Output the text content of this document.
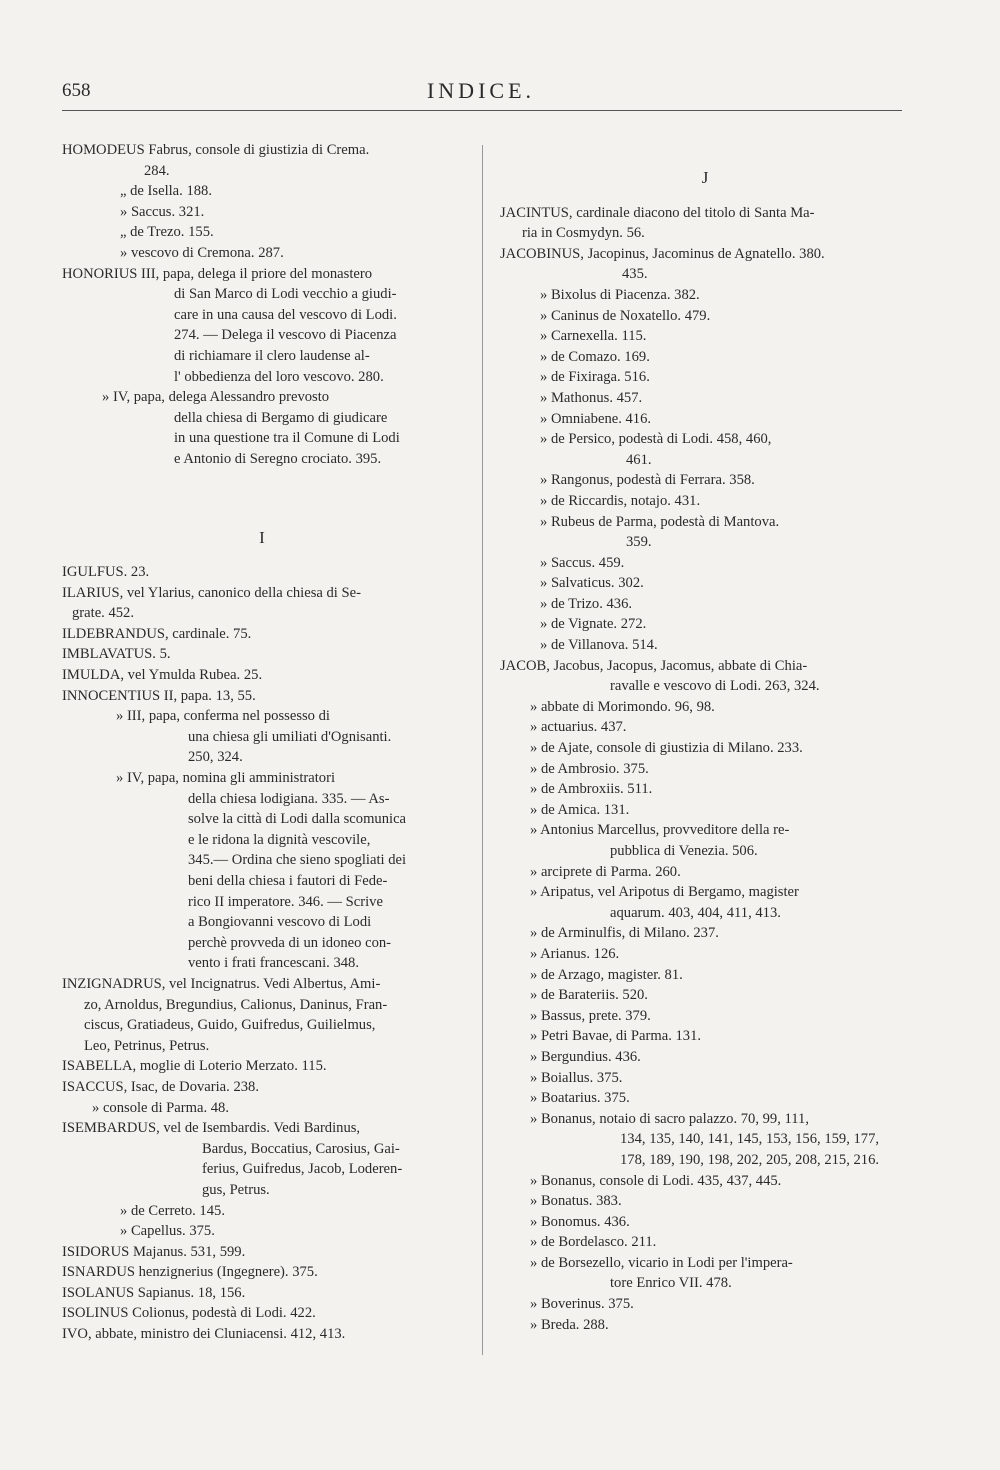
658	INDICE.
HOMODEUS Fabrus, console di giustizia di Crema.
284.
„ de Isella. 188.
» Saccus. 321.
„ de Trezo. 155.
» vescovo di Cremona. 287.
HONORIUS III, papa, delega il priore del monastero
di San Marco di Lodi vecchio a giudi-
care in una causa del vescovo di Lodi.
274. — Delega il vescovo di Piacenza
di richiamare il clero laudense al-
l' obbedienza del loro vescovo. 280.
» IV, papa, delega Alessandro prevosto
della chiesa di Bergamo di giudicare
in una questione tra il Comune di Lodi
e Antonio di Seregno crociato. 395.

I

IGULFUS. 23.
ILARIUS, vel Ylarius, canonico della chiesa di Se-
grate. 452.
ILDEBRANDUS, cardinale. 75.
IMBLAVATUS. 5.
IMULDA, vel Ymulda Rubea. 25.
INNOCENTIUS II, papa. 13, 55.
» III, papa, conferma nel possesso di
una chiesa gli umiliati d'Ognisanti.
250, 324.
» IV, papa, nomina gli amministratori
della chiesa lodigiana. 335. — As-
solve la città di Lodi dalla scomunica
e le ridona la dignità vescovile,
345.— Ordina che sieno spogliati dei
beni della chiesa i fautori di Fede-
rico II imperatore. 346. — Scrive
a Bongiovanni vescovo di Lodi
perchè provveda di un idoneo con-
vento i frati francescani. 348.
INZIGNADRUS, vel Incignatrus. Vedi Albertus, Ami-
zo, Arnoldus, Bregundius, Calionus, Daninus, Fran-
ciscus, Gratiadeus, Guido, Guifredus, Guilielmus,
Leo, Petrinus, Petrus.
ISABELLA, moglie di Loterio Merzato. 115.
ISACCUS, Isac, de Dovaria. 238.
» console di Parma. 48.
ISEMBARDUS, vel de Isembardis. Vedi Bardinus,
Bardus, Boccatius, Carosius, Gai-
ferius, Guifredus, Jacob, Loderen-
gus, Petrus.
» de Cerreto. 145.
» Capellus. 375.
ISIDORUS Majanus. 531, 599.
ISNARDUS henzignerius (Ingegnere). 375.
ISOLANUS Sapianus. 18, 156.
ISOLINUS Colionus, podestà di Lodi. 422.
IVO, abbate, ministro dei Cluniacensi. 412, 413.

J

JACINTUS, cardinale diacono del titolo di Santa Ma-
ria in Cosmydyn. 56.
JACOBINUS, Jacopinus, Jacominus de Agnatello. 380.
435.
» Bixolus di Piacenza. 382.
» Caninus de Noxatello. 479.
» Carnexella. 115.
» de Comazo. 169.
» de Fixiraga. 516.
» Mathonus. 457.
» Omniabene. 416.
» de Persico, podestà di Lodi. 458, 460,
461.
» Rangonus, podestà di Ferrara. 358.
» de Riccardis, notajo. 431.
» Rubeus de Parma, podestà di Mantova.
359.
» Saccus. 459.
» Salvaticus. 302.
» de Trizo. 436.
» de Vignate. 272.
» de Villanova. 514.
JACOB, Jacobus, Jacopus, Jacomus, abbate di Chia-
ravalle e vescovo di Lodi. 263, 324.
» abbate di Morimondo. 96, 98.
» actuarius. 437.
» de Ajate, console di giustizia di Milano. 233.
» de Ambrosio. 375.
» de Ambroxiis. 511.
» de Amica. 131.
» Antonius Marcellus, provveditore della re-
pubblica di Venezia. 506.
» arciprete di Parma. 260.
» Aripatus, vel Aripotus di Bergamo, magister
aquarum. 403, 404, 411, 413.
» de Arminulfis, di Milano. 237.
» Arianus. 126.
» de Arzago, magister. 81.
» de Barateriis. 520.
» Bassus, prete. 379.
» Petri Bavae, di Parma. 131.
» Bergundius. 436.
» Boiallus. 375.
» Boatarius. 375.
» Bonanus, notaio di sacro palazzo. 70, 99, 111,
134, 135, 140, 141, 145, 153, 156, 159, 177,
178, 189, 190, 198, 202, 205, 208, 215, 216.
» Bonanus, console di Lodi. 435, 437, 445.
» Bonatus. 383.
» Bonomus. 436.
» de Bordelasco. 211.
» de Borsezello, vicario in Lodi per l'impera-
tore Enrico VII. 478.
» Boverinus. 375.
» Breda. 288.
